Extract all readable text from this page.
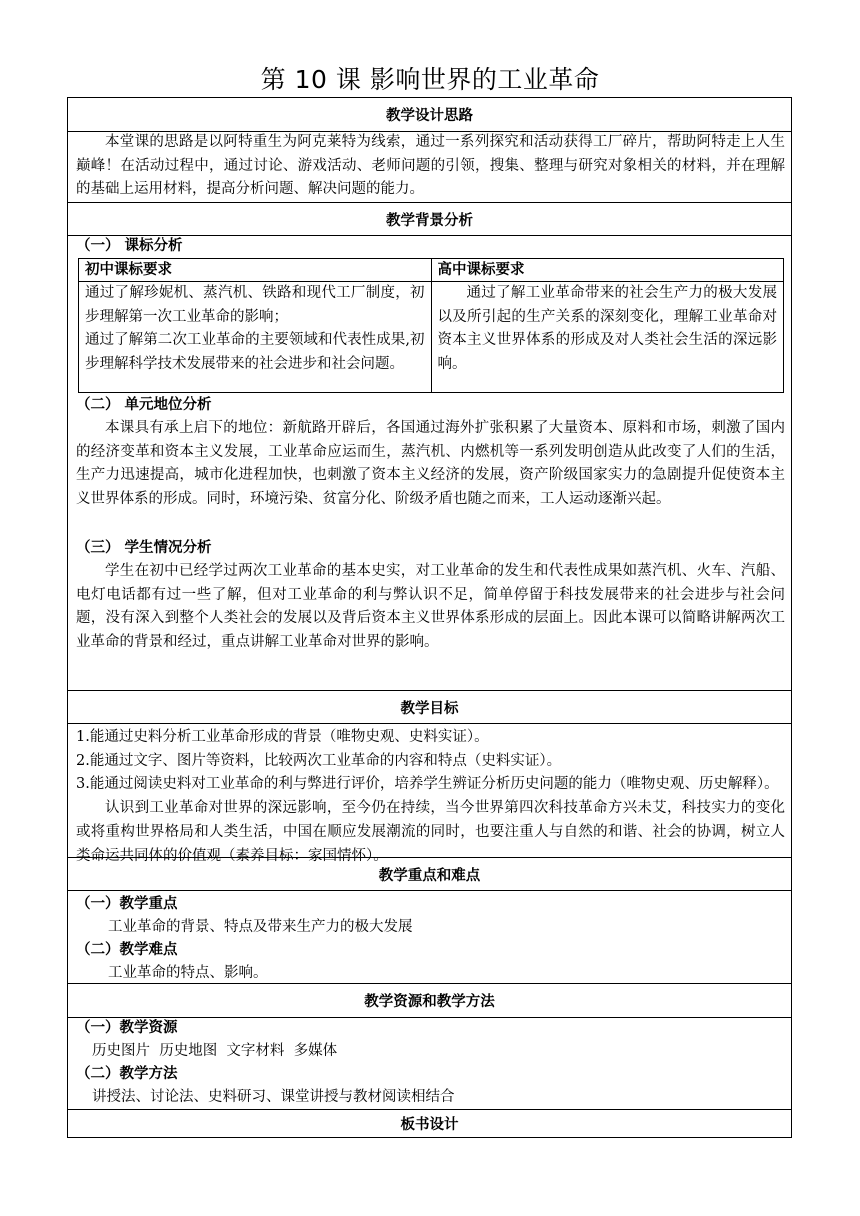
第 10 课 影响世界的工业革命
教学设计思路

本堂课的思路是以阿特重生为阿克莱特为线索，通过一系列探究和活动获得工厂碎片，帮助阿特走上人生巅峰！在活动过程中，通过讨论、游戏活动、老师问题的引领，搜集、整理与研究对象相关的材料，并在理解的基础上运用材料，提高分析问题、解决问题的能力。

教学背景分析
（一） 课标分析
初中课标要求	高中课标要求

通过了解珍妮机、蒸汽机、铁路和现代工厂制度，初步理解第一次工业革命的影响；

通过了解第二次工业革命的主要领域和代表性成果,初步理解科学技术发展带来的社会进步和社会问题。	通过了解工业革命带来的社会生产力的极大发展以及所引起的生产关系的深刻变化，理解工业革命对资本主义世界体系的形成及对人类社会生活的深远影响。

（二） 单元地位分析

本课具有承上启下的地位：新航路开辟后，各国通过海外扩张积累了大量资本、原料和市场，刺激了国内的经济变革和资本主义发展，工业革命应运而生，蒸汽机、内燃机等一系列发明创造从此改变了人们的生活，生产力迅速提高，城市化进程加快，也刺激了资本主义经济的发展，资产阶级国家实力的急剧提升促使资本主义世界体系的形成。同时，环境污染、贫富分化、阶级矛盾也随之而来，工人运动逐渐兴起。

（三） 学生情况分析

学生在初中已经学过两次工业革命的基本史实，对工业革命的发生和代表性成果如蒸汽机、火车、汽船、电灯电话都有过一些了解，但对工业革命的利与弊认识不足，简单停留于科技发展带来的社会进步与社会问题，没有深入到整个人类社会的发展以及背后资本主义世界体系形成的层面上。因此本课可以简略讲解两次工业革命的背景和经过，重点讲解工业革命对世界的影响。

教学目标

1.能通过史料分析工业革命形成的背景（唯物史观、史料实证）。

2.能通过文字、图片等资料，比较两次工业革命的内容和特点（史料实证）。

3.能通过阅读史料对工业革命的利与弊进行评价，培养学生辨证分析历史问题的能力（唯物史观、历史解释）。

认识到工业革命对世界的深远影响，至今仍在持续，当今世界第四次科技革命方兴未艾，科技实力的变化或将重构世界格局和人类生活，中国在顺应发展潮流的同时，也要注重人与自然的和谐、社会的协调，树立人类命运共同体的价值观（素养目标：家国情怀）。

教学重点和难点
（一）教学重点
工业革命的背景、特点及带来生产力的极大发展
（二）教学难点
工业革命的特点、影响。
教学资源和教学方法
（一）教学资源
历史图片  历史地图  文字材料  多媒体
（二）教学方法
讲授法、讨论法、史料研习、课堂讲授与教材阅读相结合
板书设计
